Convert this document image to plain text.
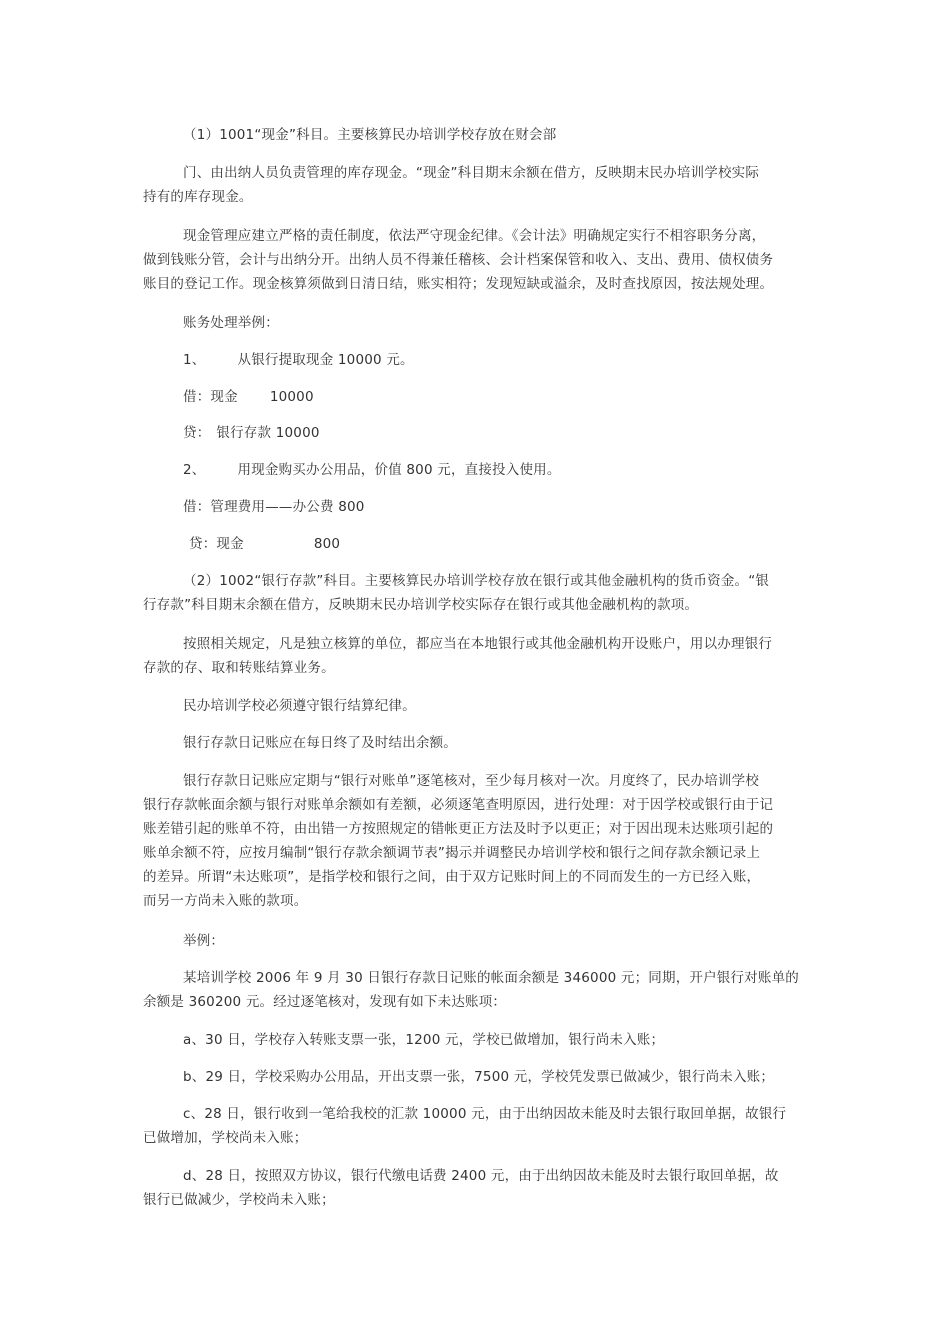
（1）1001“现金”科目。主要核算民办培训学校存放在财会部

门、由出纳人员负责管理的库存现金。“现金”科目期末余额在借方，反映期末民办培训学校实际
持有的库存现金。

现金管理应建立严格的责任制度，依法严守现金纪律。《会计法》明确规定实行不相容职务分离，
做到钱账分管，会计与出纳分开。出纳人员不得兼任稽核、会计档案保管和收入、支出、费用、债权债务
账目的登记工作。现金核算须做到日清日结，账实相符；发现短缺或溢余，及时查找原因，按法规处理。

账务处理举例：

1、 从银行提取现金 10000 元。

借：现金 10000

贷： 银行存款 10000

2、 用现金购买办公用品，价值 800 元，直接投入使用。

借：管理费用——办公费 800

贷：现金	800

（2）1002“银行存款”科目。主要核算民办培训学校存放在银行或其他金融机构的货币资金。“银
行存款”科目期末余额在借方，反映期末民办培训学校实际存在银行或其他金融机构的款项。

按照相关规定，凡是独立核算的单位，都应当在本地银行或其他金融机构开设账户，用以办理银行
存款的存、取和转账结算业务。

民办培训学校必须遵守银行结算纪律。

银行存款日记账应在每日终了及时结出余额。

银行存款日记账应定期与“银行对账单”逐笔核对，至少每月核对一次。月度终了，民办培训学校
银行存款帐面余额与银行对账单余额如有差额，必须逐笔查明原因，进行处理：对于因学校或银行由于记
账差错引起的账单不符，由出错一方按照规定的错帐更正方法及时予以更正；对于因出现未达账项引起的
账单余额不符，应按月编制“银行存款余额调节表”揭示并调整民办培训学校和银行之间存款余额记录上
的差异。所谓“未达账项”，是指学校和银行之间，由于双方记账时间上的不同而发生的一方已经入账，
而另一方尚未入账的款项。

举例：

某培训学校 2006 年 9 月 30 日银行存款日记账的帐面余额是 346000 元；同期，开户银行对账单的
余额是 360200 元。经过逐笔核对，发现有如下未达账项：

a、30 日，学校存入转账支票一张，1200 元，学校已做增加，银行尚未入账；

b、29 日，学校采购办公用品，开出支票一张，7500 元，学校凭发票已做减少，银行尚未入账；

c、28 日，银行收到一笔给我校的汇款 10000 元，由于出纳因故未能及时去银行取回单据，故银行
已做增加，学校尚未入账；

d、28 日，按照双方协议，银行代缴电话费 2400 元，由于出纳因故未能及时去银行取回单据，故
银行已做减少，学校尚未入账；
